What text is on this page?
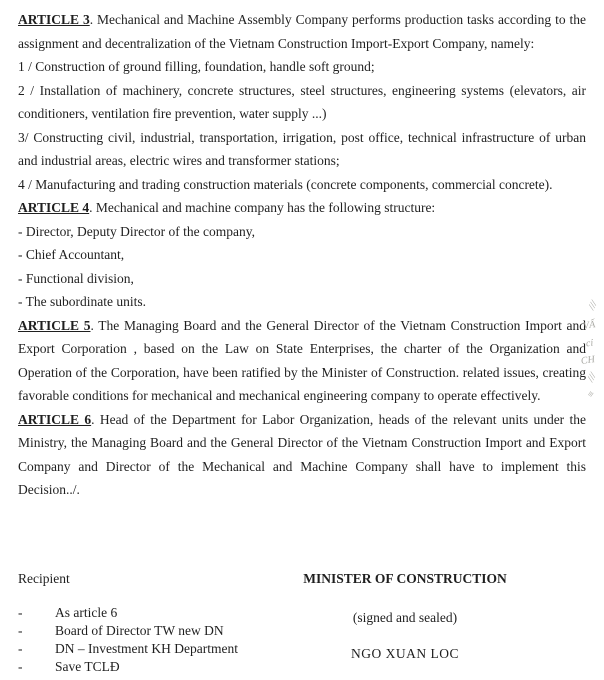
ARTICLE 3. Mechanical and Machine Assembly Company performs production tasks according to the assignment and decentralization of the Vietnam Construction Import-Export Company, namely:

1 / Construction of ground filling, foundation, handle soft ground;

2 / Installation of machinery, concrete structures, steel structures, engineering systems (elevators, air conditioners, ventilation fire prevention, water supply ...)

3/ Constructing civil, industrial, transportation, irrigation, post office, technical infrastructure of urban and industrial areas, electric wires and transformer stations;

4 / Manufacturing and trading construction materials (concrete components, commercial concrete).

ARTICLE 4. Mechanical and machine company has the following structure:

- Director, Deputy Director of the company,

- Chief Accountant,

- Functional division,

- The subordinate units.

ARTICLE 5. The Managing Board and the General Director of the Vietnam Construction Import and Export Corporation , based on the Law on State Enterprises, the charter of the Organization and Operation of the Corporation, have been ratified by the Minister of Construction. related issues, creating favorable conditions for mechanical and mechanical engineering company to operate effectively.

ARTICLE 6. Head of the Department for Labor Organization, heads of the relevant units under the Ministry, the Managing Board and the General Director of the Vietnam Construction Import and Export Company and Director of the Mechanical and Machine Company shall have to implement this Decision../.

Recipient
-	As article 6
-	Board of Director TW new DN
-	DN – Investment KH Department
-	Save TCLĐ
MINISTER OF CONSTRUCTION
(signed and sealed)
NGO XUAN LOC
///
VẤ
cỉ
CH
///
≡
